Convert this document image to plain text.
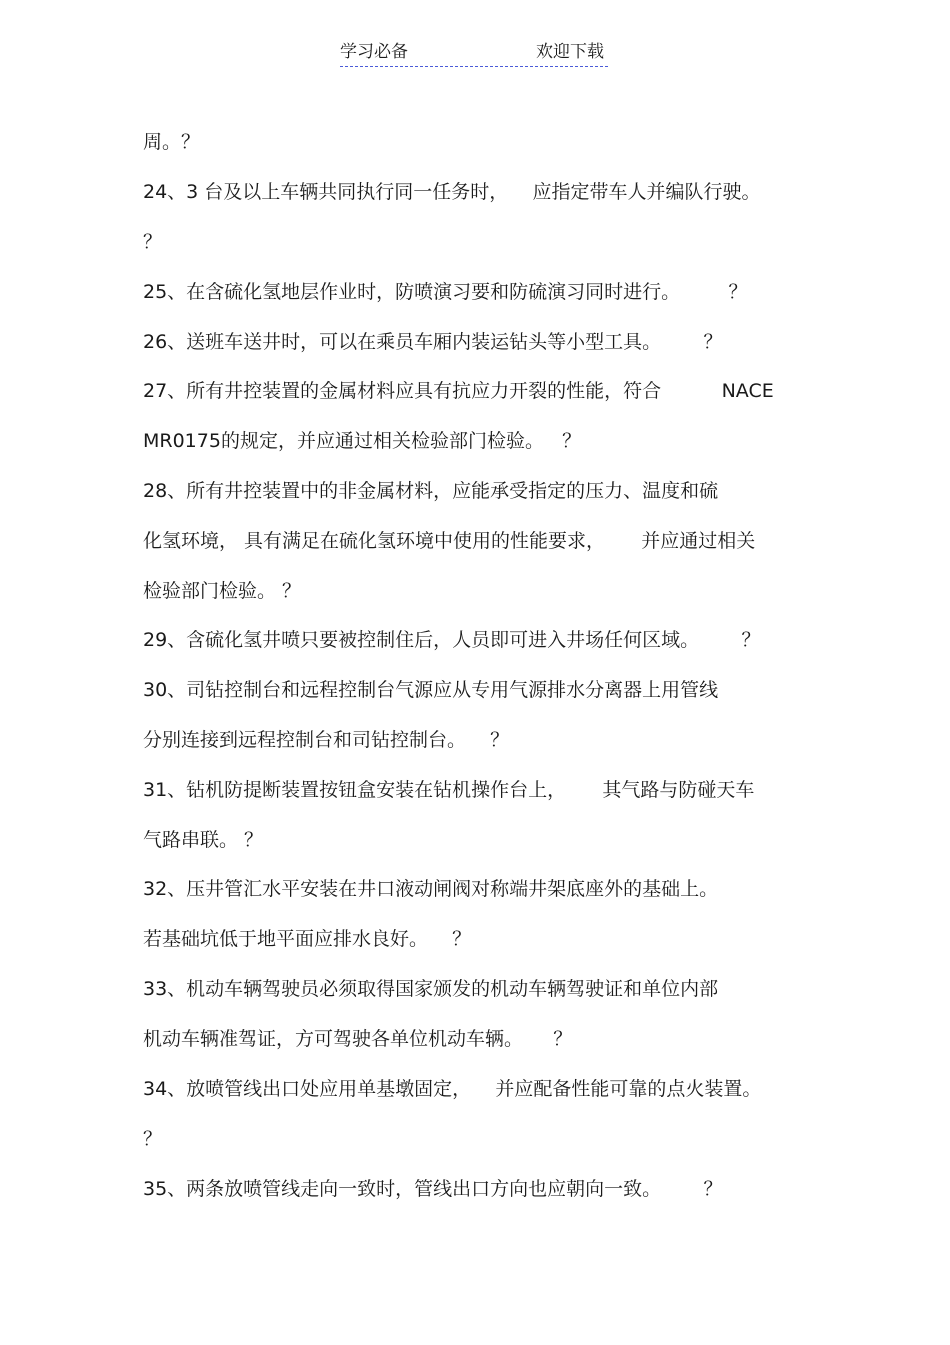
学习必备	欢迎下载
周。？
24、3 台及以上车辆共同执行同一任务时，    应指定带车人并编队行驶。
？
25、在含硫化氢地层作业时，防喷演习要和防硫演习同时进行。        ？
26、送班车送井时，可以在乘员车厢内装运钻头等小型工具。       ？
27、所有井控装置的金属材料应具有抗应力开裂的性能，符合          NACE
MR0175的规定，并应通过相关检验部门检验。   ？
28、所有井控装置中的非金属材料，应能承受指定的压力、温度和硫
化氢环境， 具有满足在硫化氢环境中使用的性能要求，      并应通过相关
检验部门检验。 ？
29、含硫化氢井喷只要被控制住后，人员即可进入井场任何区域。       ？
30、司钻控制台和远程控制台气源应从专用气源排水分离器上用管线
分别连接到远程控制台和司钻控制台。    ？
31、钻机防提断装置按钮盒安装在钻机操作台上，      其气路与防碰天车
气路串联。 ？
32、压井管汇水平安装在井口液动闸阀对称端井架底座外的基础上。
若基础坑低于地平面应排水良好。    ？
33、机动车辆驾驶员必须取得国家颁发的机动车辆驾驶证和单位内部
机动车辆准驾证，方可驾驶各单位机动车辆。     ？
34、放喷管线出口处应用单基墩固定，    并应配备性能可靠的点火装置。
？
35、两条放喷管线走向一致时，管线出口方向也应朝向一致。       ？
